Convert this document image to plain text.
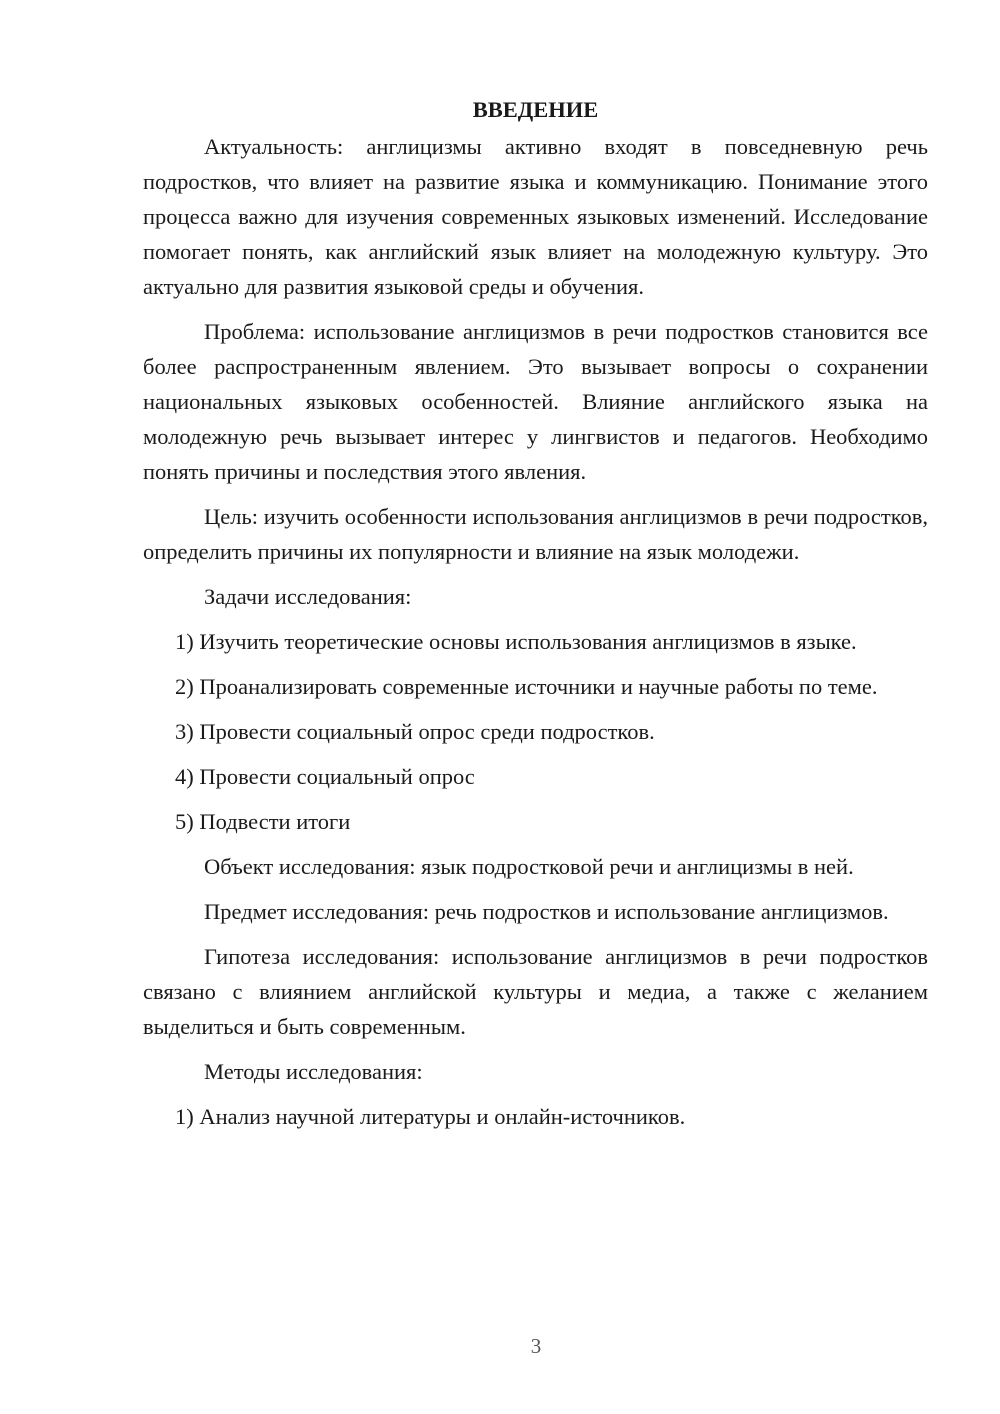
ВВЕДЕНИЕ

Актуальность: англицизмы активно входят в повседневную речь подростков, что влияет на развитие языка и коммуникацию. Понимание этого процесса важно для изучения современных языковых изменений. Исследование помогает понять, как английский язык влияет на молодежную культуру. Это актуально для развития языковой среды и обучения.

Проблема: использование англицизмов в речи подростков становится все более распространенным явлением. Это вызывает вопросы о сохранении национальных языковых особенностей. Влияние английского языка на молодежную речь вызывает интерес у лингвистов и педагогов. Необходимо понять причины и последствия этого явления.

Цель: изучить особенности использования англицизмов в речи подростков, определить причины их популярности и влияние на язык молодежи.

Задачи исследования:

1) Изучить теоретические основы использования англицизмов в языке.

2) Проанализировать современные источники и научные работы по теме.

3) Провести социальный опрос среди подростков.

4) Провести социальный опрос

5) Подвести итоги

Объект исследования: язык подростковой речи и англицизмы в ней.

Предмет исследования: речь подростков и использование англицизмов.

Гипотеза исследования: использование англицизмов в речи подростков связано с влиянием английской культуры и медиа, а также с желанием выделиться и быть современным.

Методы исследования:

1) Анализ научной литературы и онлайн-источников.

3
